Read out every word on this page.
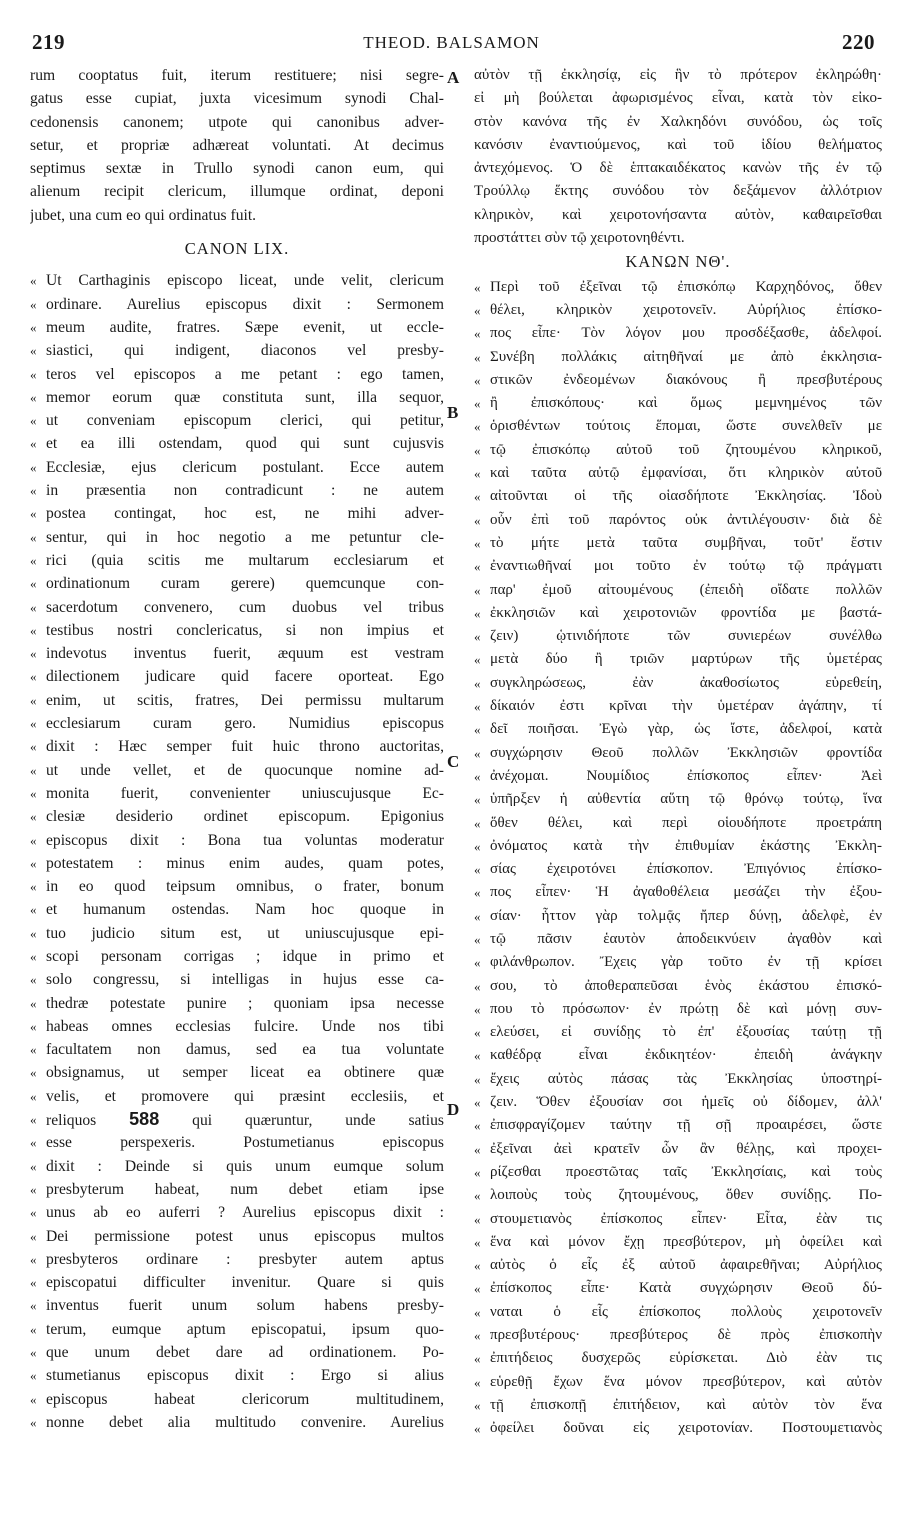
219	THEOD. BALSAMON	220
A
B
C
D
rum cooptatus fuit, iterum restituere; nisi segre-
gatus esse cupiat, juxta vicesimum synodi Chal-
cedonensis canonem; utpote qui canonibus adver-
setur, et propriæ adhæreat voluntati. At decimus
septimus sextæ in Trullo synodi canon eum, qui
alienum recipit clericum, illumque ordinat, deponi
jubet, una cum eo qui ordinatus fuit.
CANON LIX.
« Ut Carthaginis episcopo liceat, unde velit, clericum
« ordinare. Aurelius episcopus dixit : Sermonem
« meum audite, fratres. Sæpe evenit, ut eccle-
« siastici, qui indigent, diaconos vel presby-
« teros vel episcopos a me petant : ego tamen,
« memor eorum quæ constituta sunt, illa sequor,
« ut conveniam episcopum clerici, qui petitur,
« et ea illi ostendam, quod qui sunt cujusvis
« Ecclesiæ, ejus clericum postulant. Ecce autem
« in præsentia non contradicunt : ne autem
« postea contingat, hoc est, ne mihi adver-
« sentur, qui in hoc negotio a me petuntur cle-
« rici (quia scitis me multarum ecclesiarum et
« ordinationum curam gerere) quemcunque con-
« sacerdotum convenero, cum duobus vel tribus
« testibus nostri conclericatus, si non impius et
« indevotus inventus fuerit, æquum est vestram
« dilectionem judicare quid facere oporteat. Ego
« enim, ut scitis, fratres, Dei permissu multarum
« ecclesiarum curam gero. Numidius episcopus
« dixit : Hæc semper fuit huic throno auctoritas,
« ut unde vellet, et de quocunque nomine ad-
« monita fuerit, convenienter uniuscujusque Ec-
« clesiæ desiderio ordinet episcopum. Epigonius
« episcopus dixit : Bona tua voluntas moderatur
« potestatem : minus enim audes, quam potes,
« in eo quod teipsum omnibus, o frater, bonum
« et humanum ostendas. Nam hoc quoque in
« tuo judicio situm est, ut uniuscujusque epi-
« scopi personam corrigas ; idque in primo et
« solo congressu, si intelligas in hujus esse ca-
« thedræ potestate punire ; quoniam ipsa necesse
« habeas omnes ecclesias fulcire. Unde nos tibi
« facultatem non damus, sed ea tua voluntate
« obsignamus, ut semper liceat ea obtinere quæ
« velis, et promovere qui præsint ecclesiis, et
« reliquos 588 qui quæruntur, unde satius
« esse perspexeris. Postumetianus episcopus
« dixit : Deinde si quis unum eumque solum
« presbyterum habeat, num debet etiam ipse
« unus ab eo auferri ? Aurelius episcopus dixit :
« Dei permissione potest unus episcopus multos
« presbyteros ordinare : presbyter autem aptus
« episcopatui difficulter invenitur. Quare si quis
« inventus fuerit unum solum habens presby-
« terum, eumque aptum episcopatui, ipsum quo-
« que unum debet dare ad ordinationem. Po-
« stumetianus episcopus dixit : Ergo si alius
« episcopus habeat clericorum multitudinem,
« nonne debet alia multitudo convenire. Aurelius
αὐτὸν τῇ ἐκκλησίᾳ, εἰς ἣν τὸ πρότερον ἐκληρώθη·
εἰ μὴ βούλεται ἀφωρισμένος εἶναι, κατὰ τὸν εἰκο-
στὸν κανόνα τῆς ἐν Χαλκηδόνι συνόδου, ὡς τοῖς
κανόσιν ἐναντιούμενος, καὶ τοῦ ἰδίου θελήματος
ἀντεχόμενος. Ὁ δὲ ἑπτακαιδέκατος κανὼν τῆς ἐν τῷ
Τρούλλῳ ἕκτης συνόδου τὸν δεξάμενον ἀλλότριον
κληρικὸν, καὶ χειροτονήσαντα αὐτὸν, καθαιρεῖσθαι
προστάττει σὺν τῷ χειροτονηθέντι.
ΚΑΝΩΝ ΝΘ'.
« Περὶ τοῦ ἐξεῖναι τῷ ἐπισκόπῳ Καρχηδόνος, ὅθεν
« θέλει, κληρικὸν χειροτονεῖν. Αὐρήλιος ἐπίσκο-
« πος εἶπε· Τὸν λόγον μου προσδέξασθε, ἀδελφοί.
« Συνέβη πολλάκις αἰτηθῆναί με ἀπὸ ἐκκλησια-
« στικῶν ἐνδεομένων διακόνους ἢ πρεσβυτέρους
« ἢ ἐπισκόπους· καὶ ὅμως μεμνημένος τῶν
« ὁρισθέντων τούτοις ἕπομαι, ὥστε συνελθεῖν με
« τῷ ἐπισκόπῳ αὐτοῦ τοῦ ζητουμένου κληρικοῦ,
« καὶ ταῦτα αὐτῷ ἐμφανίσαι, ὅτι κληρικὸν αὐτοῦ
« αἰτοῦνται οἱ τῆς οἱασδήποτε Ἐκκλησίας. Ἰδοὺ
« οὖν ἐπὶ τοῦ παρόντος οὐκ ἀντιλέγουσιν· διὰ δὲ
« τὸ μήτε μετὰ ταῦτα συμβῆναι, τοῦτ' ἔστιν
« ἐναντιωθῆναί μοι τοῦτο ἐν τούτῳ τῷ πράγματι
« παρ' ἐμοῦ αἰτουμένους (ἐπειδὴ οἴδατε πολλῶν
« ἐκκλησιῶν καὶ χειροτονιῶν φροντίδα με βαστά-
« ζειν) ᾡτινιδήποτε τῶν συνιερέων συνέλθω
« μετὰ δύο ἢ τριῶν μαρτύρων τῆς ὑμετέρας
« συγκληρώσεως, ἐὰν ἀκαθοσίωτος εὑρεθείη,
« δίκαιόν ἐστι κρῖναι τὴν ὑμετέραν ἀγάπην, τί
« δεῖ ποιῆσαι. Ἐγὼ γὰρ, ὡς ἴστε, ἀδελφοί, κατὰ
« συγχώρησιν Θεοῦ πολλῶν Ἐκκλησιῶν φροντίδα
« ἀνέχομαι. Νουμίδιος ἐπίσκοπος εἶπεν· Ἀεὶ
« ὑπῆρξεν ἡ αὐθεντία αὕτη τῷ θρόνῳ τούτῳ, ἵνα
« ὅθεν θέλει, καὶ περὶ οἱουδήποτε προετράπη
« ὀνόματος κατὰ τὴν ἐπιθυμίαν ἑκάστης Ἐκκλη-
« σίας ἐχειροτόνει ἐπίσκοπον. Ἐπιγόνιος ἐπίσκο-
« πος εἶπεν· Ἡ ἀγαθοθέλεια μεσάζει τὴν ἐξου-
« σίαν· ἧττον γὰρ τολμᾷς ἤπερ δύνῃ, ἀδελφὲ, ἐν
« τῷ πᾶσιν ἑαυτὸν ἀποδεικνύειν ἀγαθὸν καὶ
« φιλάνθρωπον. Ἔχεις γὰρ τοῦτο ἐν τῇ κρίσει
« σου, τὸ ἀποθεραπεῦσαι ἑνὸς ἑκάστου ἐπισκό-
« που τὸ πρόσωπον· ἐν πρώτῃ δὲ καὶ μόνῃ συν-
« ελεύσει, εἰ συνίδῃς τὸ ἐπ' ἐξουσίας ταύτῃ τῇ
« καθέδρᾳ εἶναι ἐκδικητέον· ἐπειδὴ ἀνάγκην
« ἔχεις αὐτὸς πάσας τὰς Ἐκκλησίας ὑποστηρί-
« ζειν. Ὅθεν ἐξουσίαν σοι ἡμεῖς οὐ δίδομεν, ἀλλ'
« ἐπισφραγίζομεν ταύτην τῇ σῇ προαιρέσει, ὥστε
« ἐξεῖναι ἀεὶ κρατεῖν ὧν ἂν θέλῃς, καὶ προχει-
« ρίζεσθαι προεστῶτας ταῖς Ἐκκλησίαις, καὶ τοὺς
« λοιποὺς τοὺς ζητουμένους, ὅθεν συνίδῃς. Πο-
« στουμετιανὸς ἐπίσκοπος εἶπεν· Εἶτα, ἐὰν τις
« ἕνα καὶ μόνον ἔχῃ πρεσβύτερον, μὴ ὀφείλει καὶ
« αὐτὸς ὁ εἷς ἐξ αὐτοῦ ἀφαιρεθῆναι; Αὐρήλιος
« ἐπίσκοπος εἶπε· Κατὰ συγχώρησιν Θεοῦ δύ-
« ναται ὁ εἷς ἐπίσκοπος πολλοὺς χειροτονεῖν
« πρεσβυτέρους· πρεσβύτερος δὲ πρὸς ἐπισκοπὴν
« ἐπιτήδειος δυσχερῶς εὑρίσκεται. Διὸ ἐὰν τις
« εὑρεθῇ ἔχων ἕνα μόνον πρεσβύτερον, καὶ αὐτὸν
« τῇ ἐπισκοπῇ ἐπιτήδειον, καὶ αὐτὸν τὸν ἕνα
« ὀφείλει δοῦναι εἰς χειροτονίαν. Ποστουμετιανὸς
